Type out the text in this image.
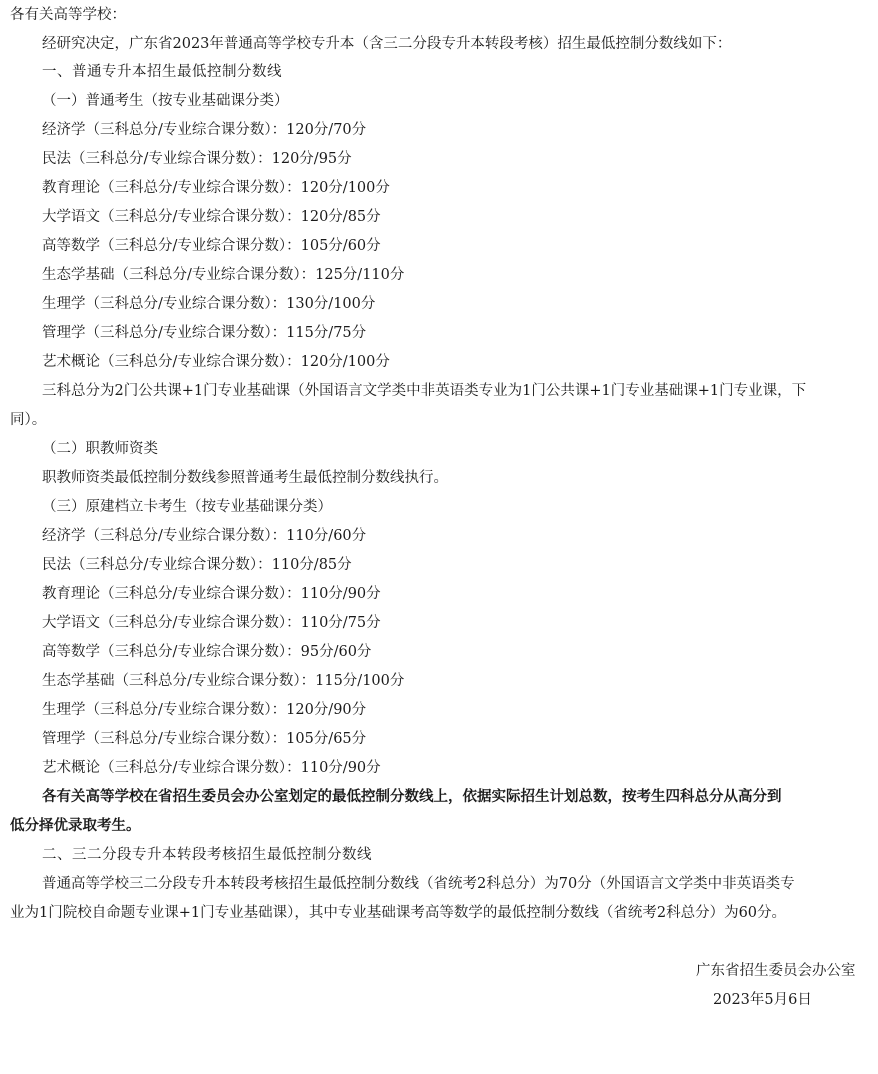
各有关高等学校：
经研究决定，广东省2023年普通高等学校专升本（含三二分段专升本转段考核）招生最低控制分数线如下：
一、普通专升本招生最低控制分数线
（一）普通考生（按专业基础课分类）
经济学（三科总分/专业综合课分数）：120分/70分
民法（三科总分/专业综合课分数）：120分/95分
教育理论（三科总分/专业综合课分数）：120分/100分
大学语文（三科总分/专业综合课分数）：120分/85分
高等数学（三科总分/专业综合课分数）：105分/60分
生态学基础（三科总分/专业综合课分数）：125分/110分
生理学（三科总分/专业综合课分数）：130分/100分
管理学（三科总分/专业综合课分数）：115分/75分
艺术概论（三科总分/专业综合课分数）：120分/100分
三科总分为2门公共课+1门专业基础课（外国语言文学类中非英语类专业为1门公共课+1门专业基础课+1门专业课，下
同）。
（二）职教师资类
职教师资类最低控制分数线参照普通考生最低控制分数线执行。
（三）原建档立卡考生（按专业基础课分类）
经济学（三科总分/专业综合课分数）：110分/60分
民法（三科总分/专业综合课分数）：110分/85分
教育理论（三科总分/专业综合课分数）：110分/90分
大学语文（三科总分/专业综合课分数）：110分/75分
高等数学（三科总分/专业综合课分数）：95分/60分
生态学基础（三科总分/专业综合课分数）：115分/100分
生理学（三科总分/专业综合课分数）：120分/90分
管理学（三科总分/专业综合课分数）：105分/65分
艺术概论（三科总分/专业综合课分数）：110分/90分
各有关高等学校在省招生委员会办公室划定的最低控制分数线上，依据实际招生计划总数，按考生四科总分从高分到
低分择优录取考生。
二、三二分段专升本转段考核招生最低控制分数线
普通高等学校三二分段专升本转段考核招生最低控制分数线（省统考2科总分）为70分（外国语言文学类中非英语类专
业为1门院校自命题专业课+1门专业基础课），其中专业基础课考高等数学的最低控制分数线（省统考2科总分）为60分。
广东省招生委员会办公室
2023年5月6日
